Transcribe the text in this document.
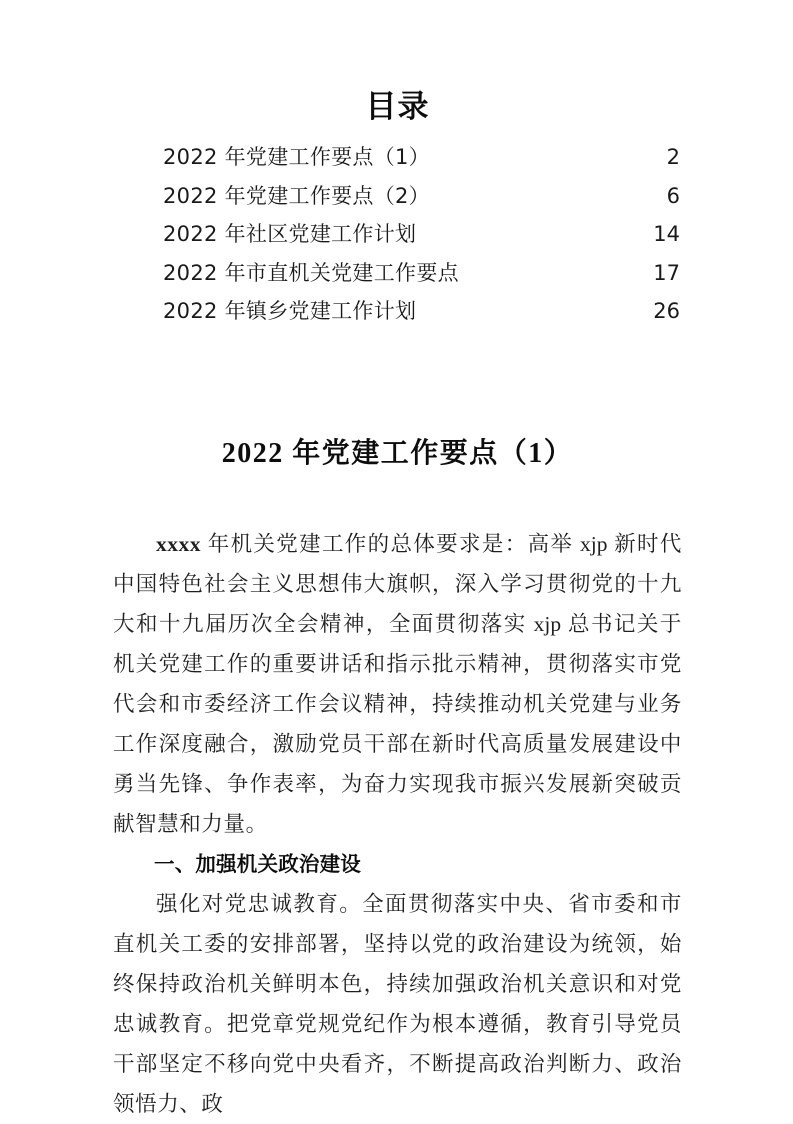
目录
2022 年党建工作要点（1） .....	2
2022 年党建工作要点（2） .....	6
2022 年社区党建工作计划 .....	14
2022 年市直机关党建工作要点 .....	17
2022 年镇乡党建工作计划 .....	26
2022 年党建工作要点（1）

xxxx 年机关党建工作的总体要求是：高举 xjp 新时代中国特色社会主义思想伟大旗帜，深入学习贯彻党的十九大和十九届历次全会精神，全面贯彻落实 xjp 总书记关于机关党建工作的重要讲话和指示批示精神，贯彻落实市党代会和市委经济工作会议精神，持续推动机关党建与业务工作深度融合，激励党员干部在新时代高质量发展建设中勇当先锋、争作表率，为奋力实现我市振兴发展新突破贡献智慧和力量。

一、加强机关政治建设

强化对党忠诚教育。全面贯彻落实中央、省市委和市直机关工委的安排部署，坚持以党的政治建设为统领，始终保持政治机关鲜明本色，持续加强政治机关意识和对党忠诚教育。把党章党规党纪作为根本遵循，教育引导党员干部坚定不移向党中央看齐，不断提高政治判断力、政治领悟力、政
